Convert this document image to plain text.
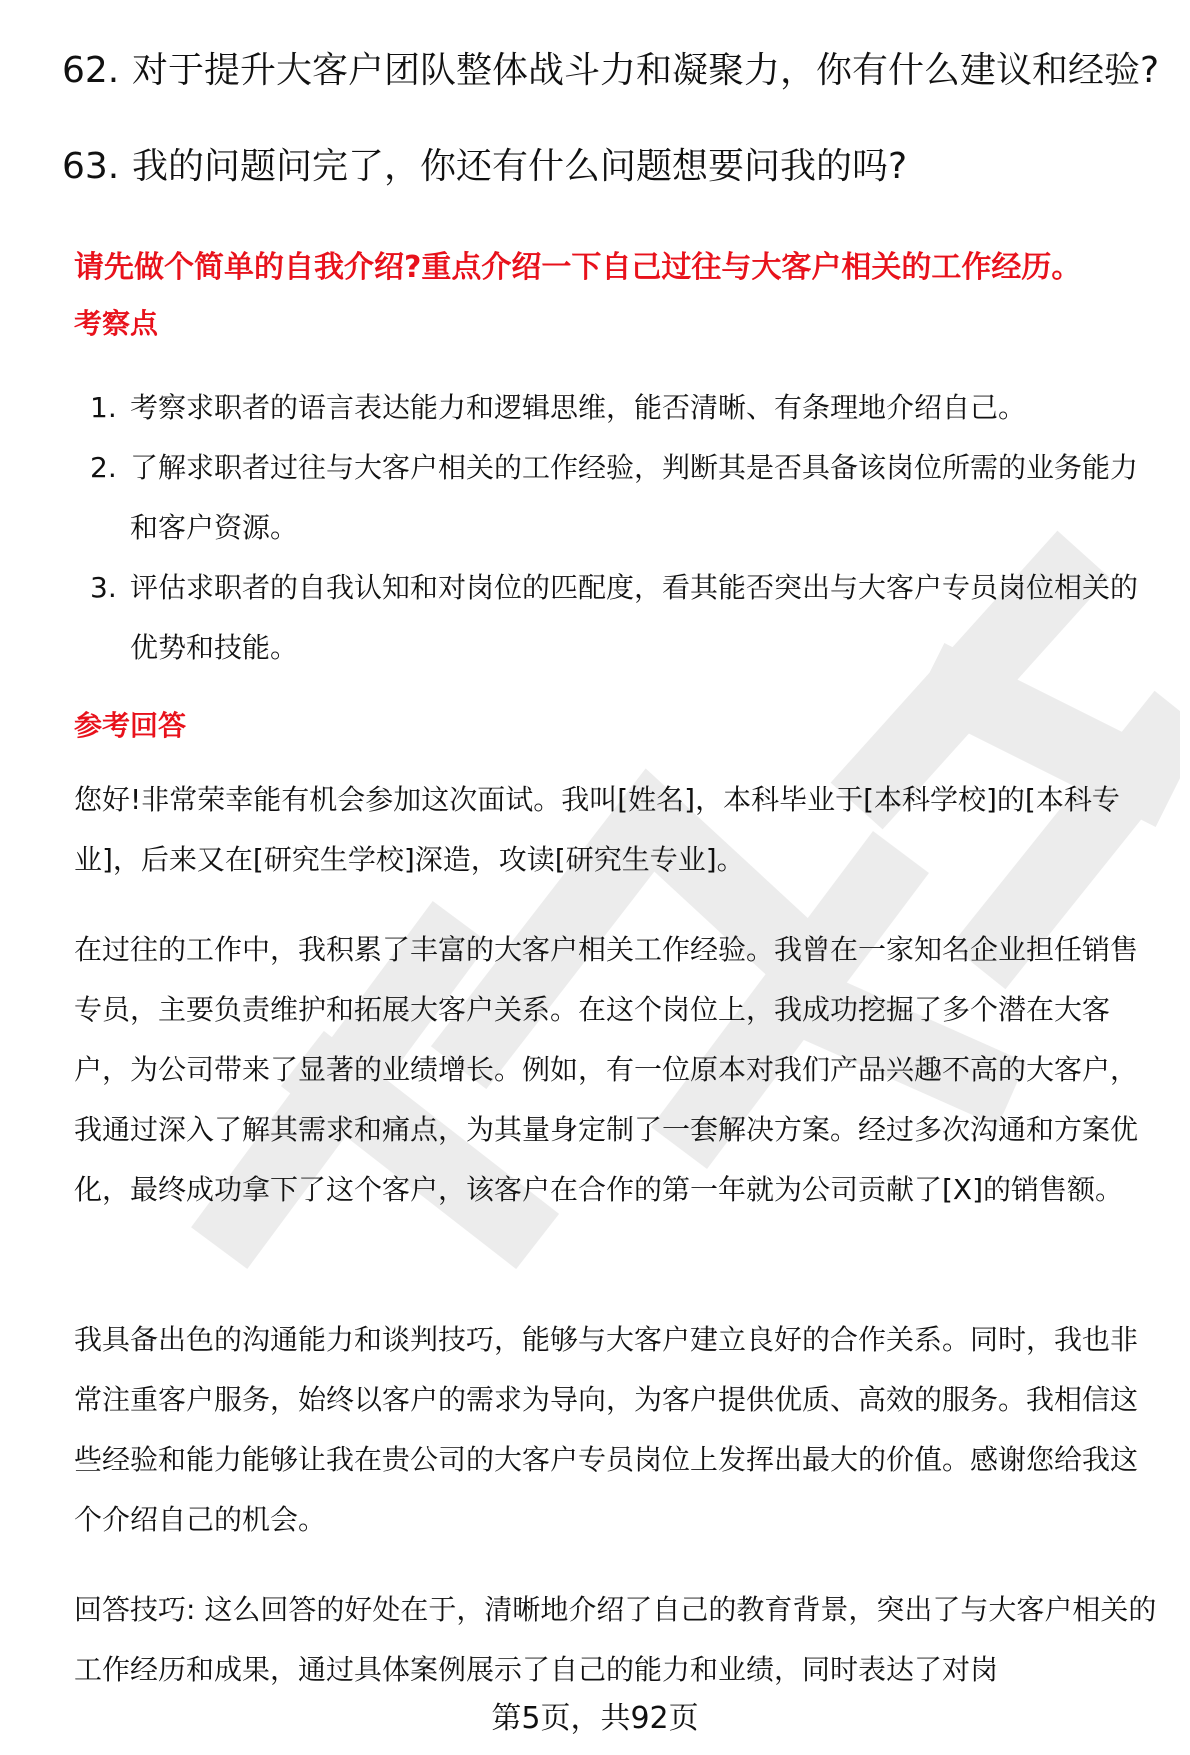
62. 对于提升大客户团队整体战斗力和凝聚力，你有什么建议和经验?
63. 我的问题问完了，你还有什么问题想要问我的吗?
请先做个简单的自我介绍?重点介绍一下自己过往与大客户相关的工作经历。
考察点
1. 考察求职者的语言表达能力和逻辑思维，能否清晰、有条理地介绍自己。
2. 了解求职者过往与大客户相关的工作经验，判断其是否具备该岗位所需的业务能力和客户资源。
3. 评估求职者的自我认知和对岗位的匹配度，看其能否突出与大客户专员岗位相关的优势和技能。
参考回答
您好!非常荣幸能有机会参加这次面试。我叫[姓名]，本科毕业于[本科学校]的[本科专业]，后来又在[研究生学校]深造，攻读[研究生专业]。
在过往的工作中，我积累了丰富的大客户相关工作经验。我曾在一家知名企业担任销售专员，主要负责维护和拓展大客户关系。在这个岗位上，我成功挖掘了多个潜在大客户，为公司带来了显著的业绩增长。例如，有一位原本对我们产品兴趣不高的大客户，我通过深入了解其需求和痛点，为其量身定制了一套解决方案。经过多次沟通和方案优化，最终成功拿下了这个客户，该客户在合作的第一年就为公司贡献了[X]的销售额。
我具备出色的沟通能力和谈判技巧，能够与大客户建立良好的合作关系。同时，我也非常注重客户服务，始终以客户的需求为导向，为客户提供优质、高效的服务。我相信这些经验和能力能够让我在贵公司的大客户专员岗位上发挥出最大的价值。感谢您给我这个介绍自己的机会。
回答技巧: 这么回答的好处在于，清晰地介绍了自己的教育背景，突出了与大客户相关的工作经历和成果，通过具体案例展示了自己的能力和业绩，同时表达了对岗
第5页，共92页
